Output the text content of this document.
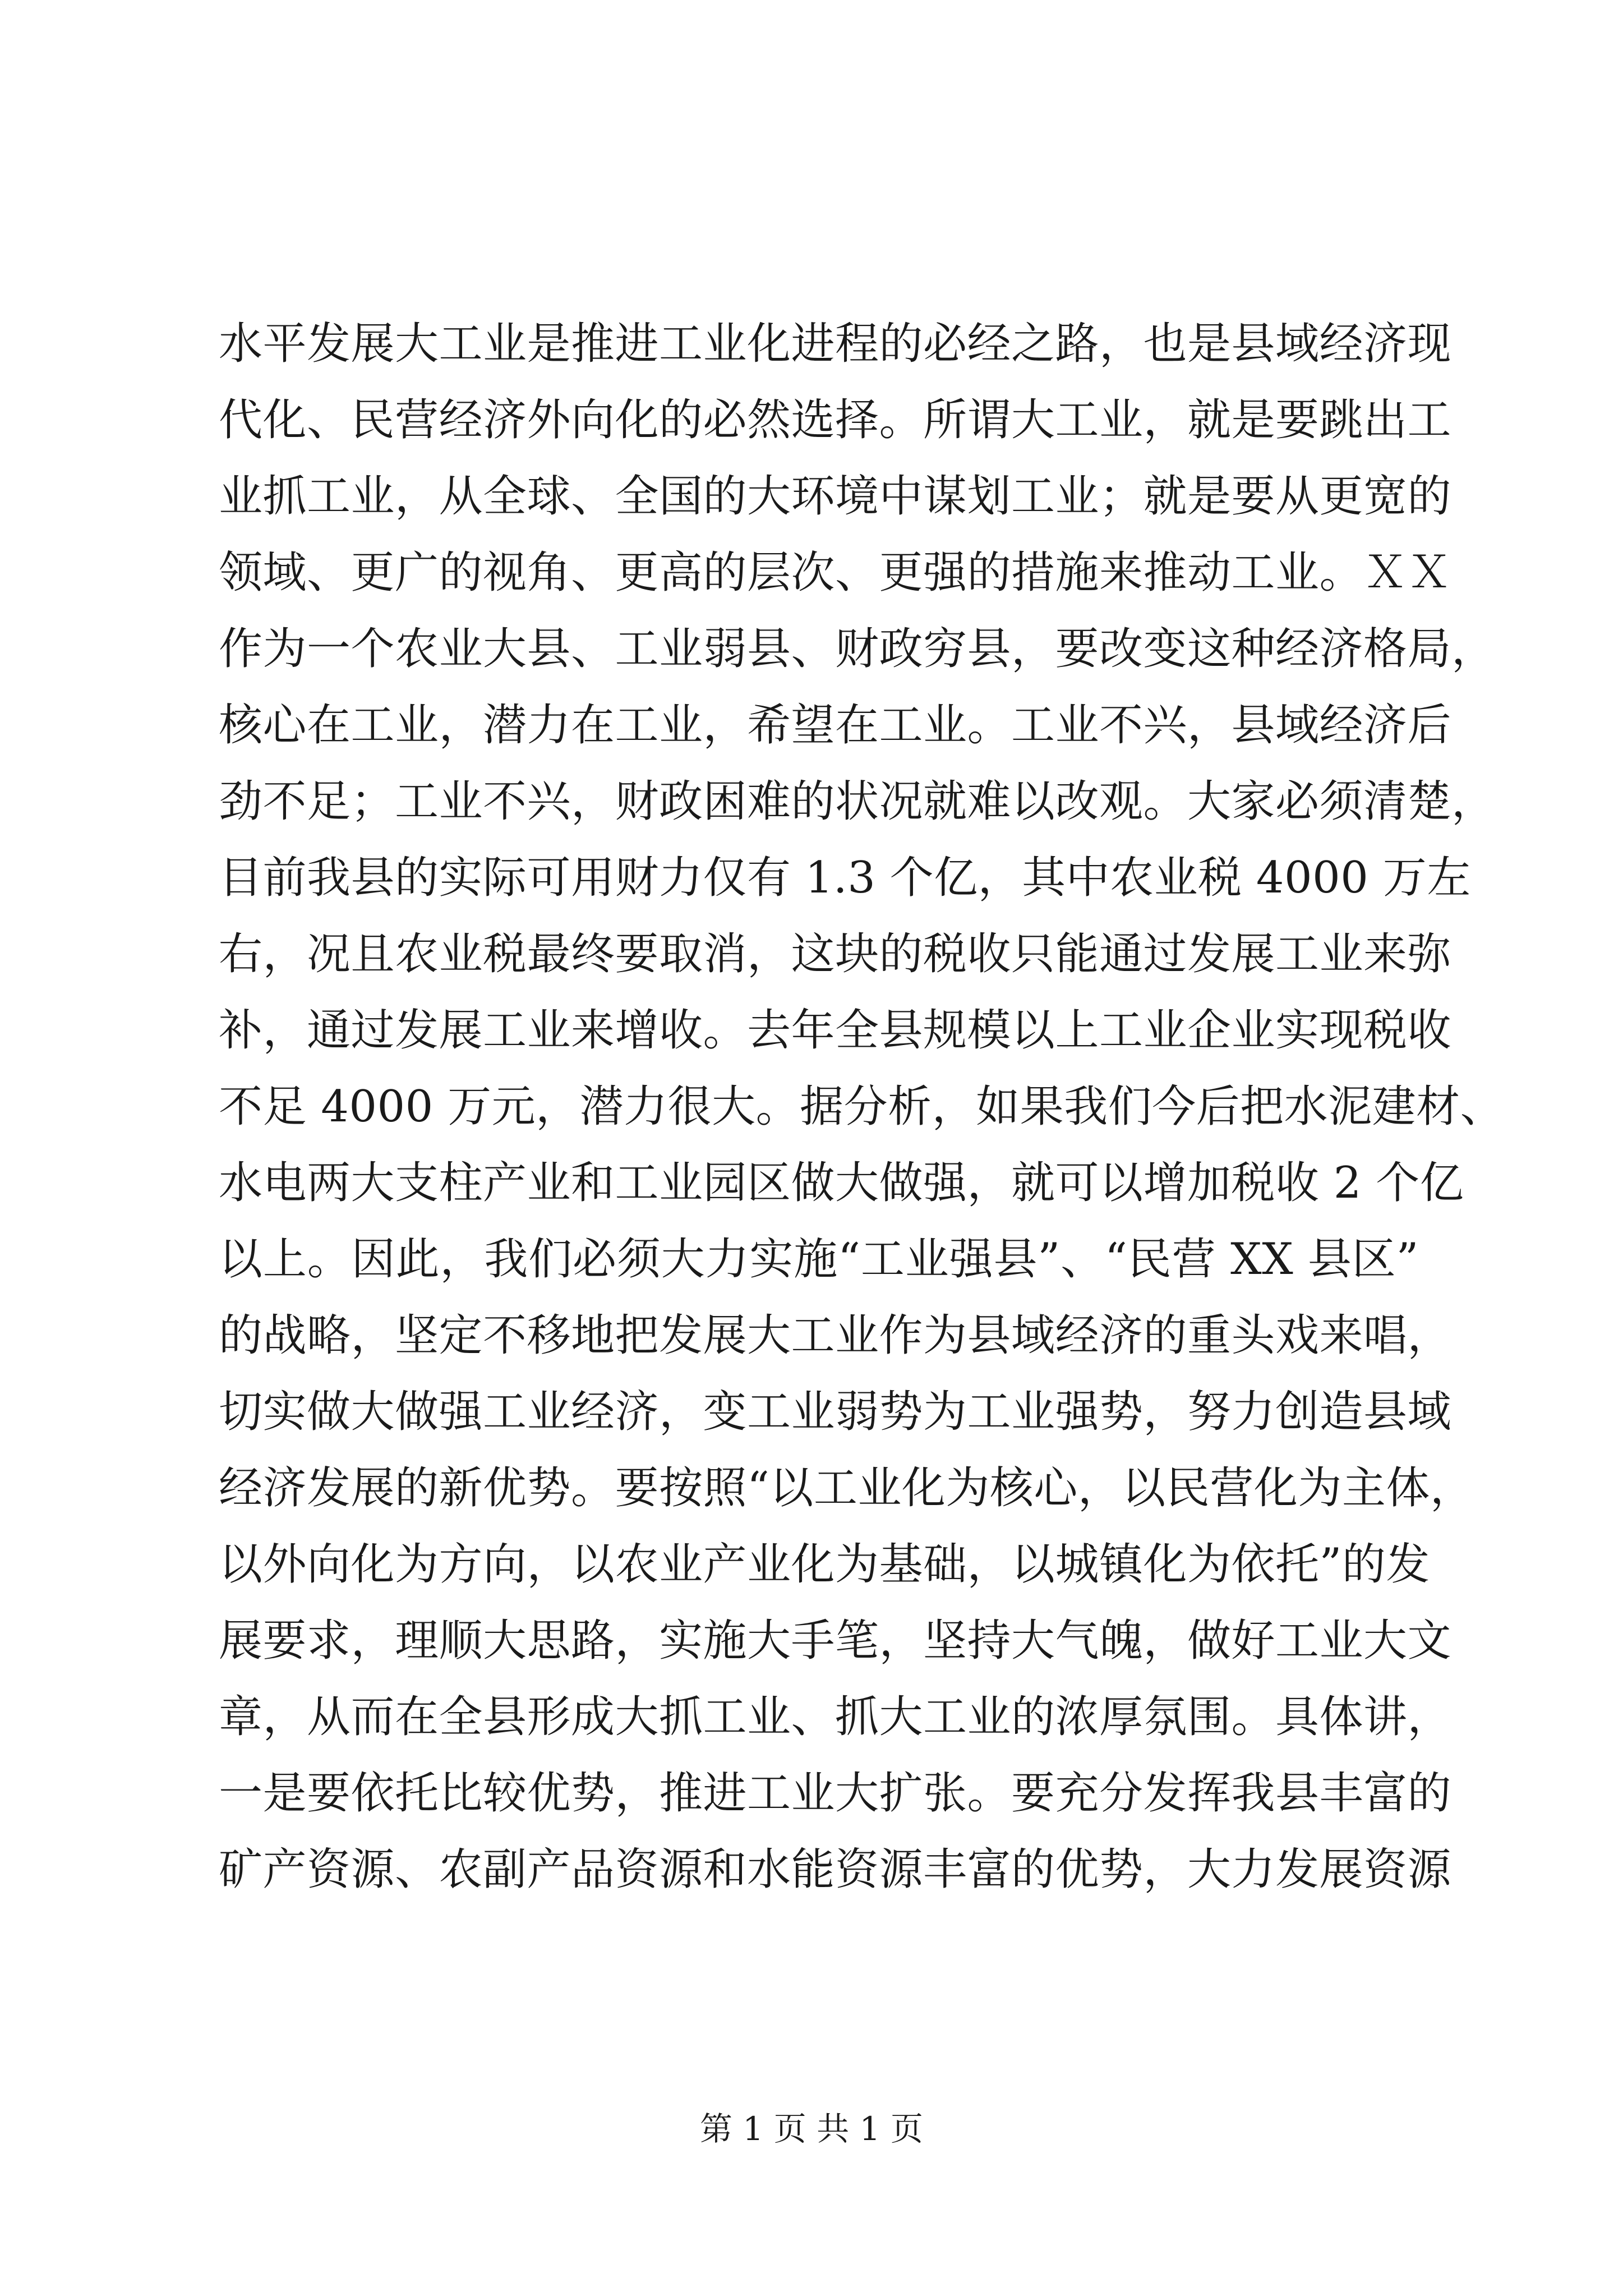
水平发展大工业是推进工业化进程的必经之路，也是县域经济现
代化、民营经济外向化的必然选择。所谓大工业，就是要跳出工
业抓工业，从全球、全国的大环境中谋划工业；就是要从更宽的
领域、更广的视角、更高的层次、更强的措施来推动工业。ＸＸ
作为一个农业大县、工业弱县、财政穷县，要改变这种经济格局，
核心在工业，潜力在工业，希望在工业。工业不兴，县域经济后
劲不足；工业不兴，财政困难的状况就难以改观。大家必须清楚，
目前我县的实际可用财力仅有 1.3 个亿，其中农业税 4000 万左
右，况且农业税最终要取消，这块的税收只能通过发展工业来弥
补，通过发展工业来增收。去年全县规模以上工业企业实现税收
不足 4000 万元，潜力很大。据分析，如果我们今后把水泥建材、
水电两大支柱产业和工业园区做大做强，就可以增加税收 2 个亿
以上。因此，我们必须大力实施“工业强县”、“民营 XX 县区”
的战略，坚定不移地把发展大工业作为县域经济的重头戏来唱，
切实做大做强工业经济，变工业弱势为工业强势，努力创造县域
经济发展的新优势。要按照“以工业化为核心，以民营化为主体，
以外向化为方向，以农业产业化为基础，以城镇化为依托”的发
展要求，理顺大思路，实施大手笔，坚持大气魄，做好工业大文
章，从而在全县形成大抓工业、抓大工业的浓厚氛围。具体讲，
一是要依托比较优势，推进工业大扩张。要充分发挥我县丰富的
矿产资源、农副产品资源和水能资源丰富的优势，大力发展资源
第 1 页 共 1 页
